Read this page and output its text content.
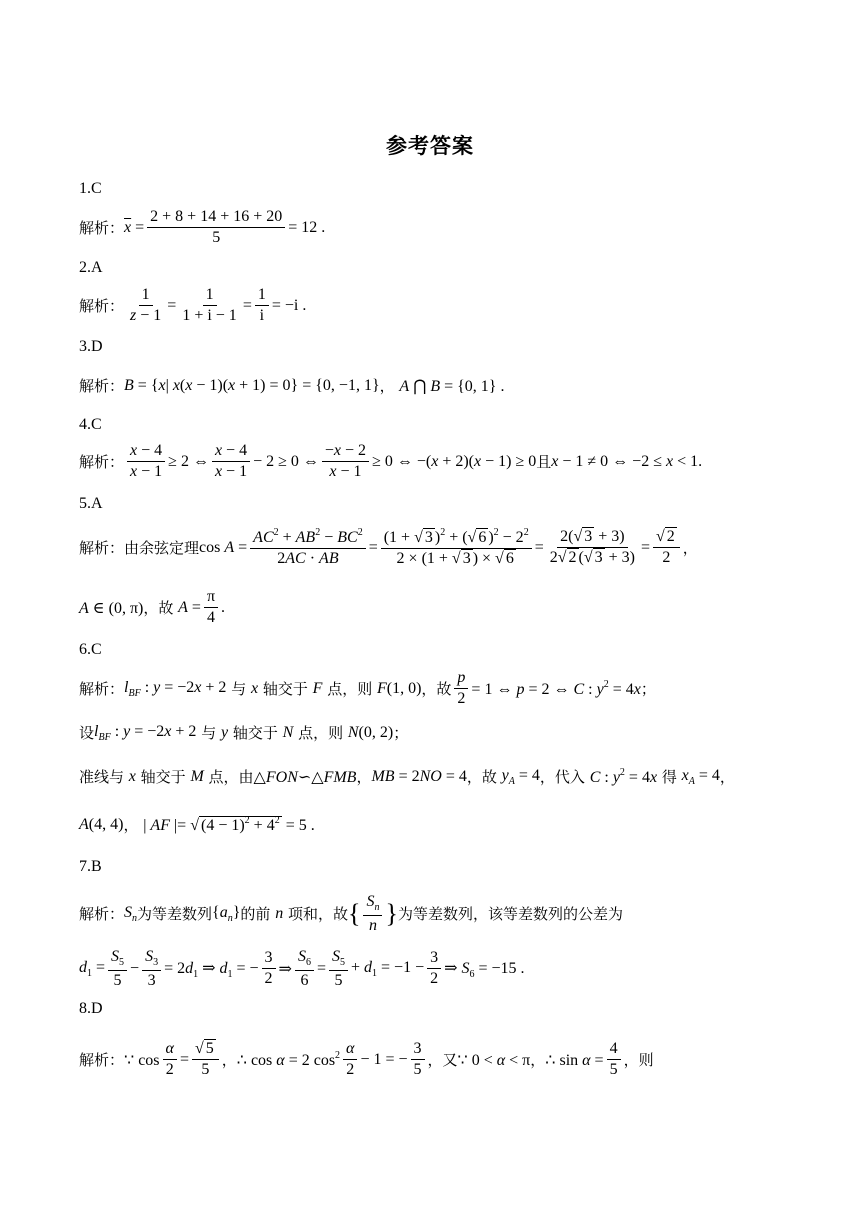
参考答案
1.C
解析： $\overline{x} = \frac{2 + 8 + 14 + 16 + 20}{5} = 12$ .
2.A
解析： $\frac{1}{z - 1} = \frac{1}{1 + i - 1} = \frac{1}{i} = -i$ .
3.D
解析： B = {x| x(x − 1)(x + 1) = 0} = {0, −1, 1} ， A ⋂ B = {0, 1} .
4.C
解析： $\frac{x - 4}{x - 1} \ge 2$ ⇔ $\frac{x - 4}{x - 1} - 2 \ge 0$ ⇔ $\frac{-x - 2}{x - 1} \ge 0$ ⇔ −(x + 2)(x − 1) ≥ 0 且 x − 1 ≠ 0 ⇔ −2 ≤ x < 1.
5.A
解析： 由余弦定理 $\cos A = \frac{AC^2 + AB^2 - BC^2}{2AC \cdot AB} = \frac{(1 + √ 3 )^2 + (√ 6 )^2 - 2^2}{2 \times (1 + √ 3 ) \times √ 6} = \frac{2(√ 3 + 3)}{2√ 2 (√ 3 + 3)} = \frac{√ 2}{2}$ ，
A ∈ (0, π) ，故 $A = \frac{\pi}{4}$ .
6.C
解析： $l_{BF}$ : y = −2x + 2 与 x 轴交于 F 点，则 F(1, 0) ，故 $\frac{p}{2} = 1$ ⇔ p = 2 ⇔ C : $y^2 = 4x$ ；
设 $l_{BF}$ : y = −2x + 2 与 y 轴交于 N 点，则 N(0, 2) ；
准线与 x 轴交于 M 点，由 △FON∽△FMB ， MB = 2NO = 4 ，故 $y_A = 4$ ，代入 C : $y^2 = 4x$ 得 $x_A = 4$ ，
A(4, 4) ， | AF |= √ $(4 - 1)^2 + 4^2 = 5$ .
7.B
解析： $S_n$ 为等差数列 $\{a_n\}$ 的前 n 项和，故 { $\frac{S_n}{n}$ } 为等差数列，该等差数列的公差为
$d_1 = \frac{S_5}{5} - \frac{S_3}{3} = 2d_1$ ⇒ $d_1$ = − $\frac{3}{2}$ ⇒ $\frac{S_6}{6} = \frac{S_5}{5} + d_1 = -1 - \frac{3}{2}$ ⇒ $S_6 = -15$ .
8.D
解析： ∵ $\cos \frac{\alpha}{2} = \frac{√ 5}{5}$ ， ∴ cos α = 2 $\cos^2 \frac{\alpha}{2} - 1$ = − $\frac{3}{5}$ ，又 ∵ 0 < α < π ， ∴ $\sin \alpha = \frac{4}{5}$ ，则
